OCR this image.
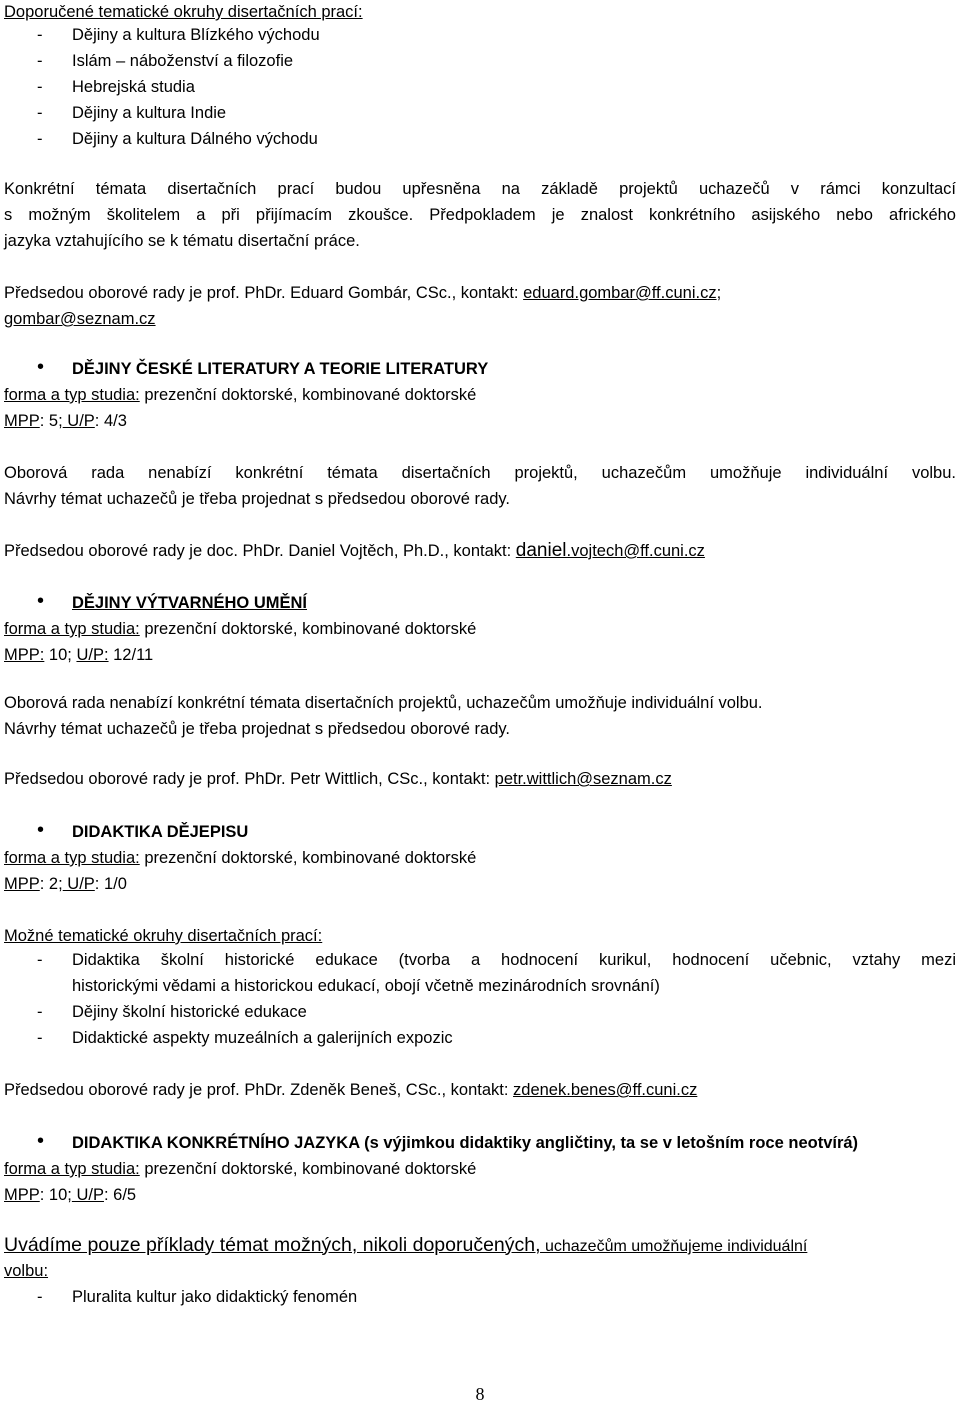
Doporučené tematické okruhy disertačních prací:
- Dějiny a kultura Blízkého východu
- Islám – náboženství a filozofie
- Hebrejská studia
- Dějiny a kultura Indie
- Dějiny a kultura Dálného východu
Konkrétní témata disertačních prací budou upřesněna na základě projektů uchazečů v rámci konzultací
s možným školitelem a při přijímacím zkoušce. Předpokladem je znalost konkrétního asijského nebo afrického
jazyka vztahujícího se k tématu disertační práce.
Předsedou oborové rady je prof. PhDr. Eduard Gombár, CSc., kontakt: eduard.gombar@ff.cuni.cz;
gombar@seznam.cz
• DĚJINY ČESKÉ LITERATURY A TEORIE LITERATURY
forma a typ studia: prezenční doktorské, kombinované doktorské
MPP: 5; U/P: 4/3
Oborová rada nenabízí konkrétní témata disertačních projektů, uchazečům umožňuje individuální volbu.
Návrhy témat uchazečů je třeba projednat s předsedou oborové rady.
Předsedou oborové rady je doc. PhDr. Daniel Vojtěch, Ph.D., kontakt: daniel.vojtech@ff.cuni.cz
• DĚJINY VÝTVARNÉHO UMĚNÍ
forma a typ studia: prezenční doktorské, kombinované doktorské
MPP: 10; U/P: 12/11
Oborová rada nenabízí konkrétní témata disertačních projektů, uchazečům umožňuje individuální volbu.
Návrhy témat uchazečů je třeba projednat s předsedou oborové rady.
Předsedou oborové rady je prof. PhDr. Petr Wittlich, CSc., kontakt: petr.wittlich@seznam.cz
• DIDAKTIKA DĚJEPISU
forma a typ studia: prezenční doktorské, kombinované doktorské
MPP: 2; U/P: 1/0
Možné tematické okruhy disertačních prací:
- Didaktika školní historické edukace (tvorba a hodnocení kurikul, hodnocení učebnic, vztahy mezi
historickými vědami a historickou edukací, obojí včetně mezinárodních srovnání)
- Dějiny školní historické edukace
- Didaktické aspekty muzeálních a galerijních expozic
Předsedou oborové rady je prof. PhDr. Zdeněk Beneš, CSc., kontakt: zdenek.benes@ff.cuni.cz
• DIDAKTIKA KONKRÉTNÍHO JAZYKA (s výjimkou didaktiky angličtiny, ta se v letošním roce neotvírá)
forma a typ studia: prezenční doktorské, kombinované doktorské
MPP: 10; U/P: 6/5
Uvádíme pouze příklady témat možných, nikoli doporučených, uchazečům umožňujeme individuální
volbu:
- Pluralita kultur jako didaktický fenomén
8
